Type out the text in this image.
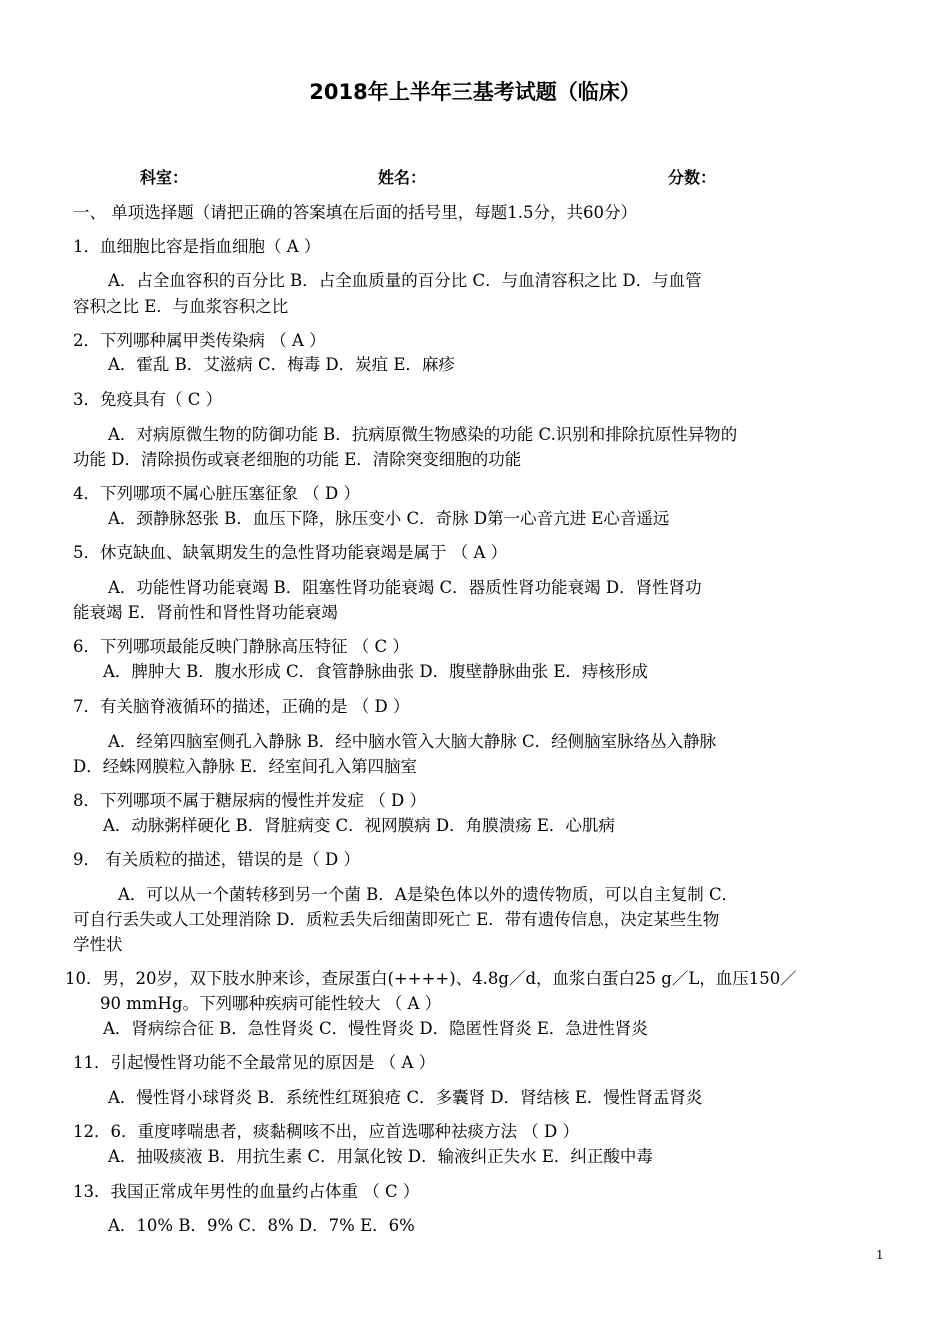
2018年上半年三基考试题（临床）
科室：	姓名：	分数：
一、 单项选择题（请把正确的答案填在后面的括号里，每题1.5分，共60分）
1．血细胞比容是指血细胞（ A ）
A．占全血容积的百分比 B．占全血质量的百分比 C．与血清容积之比 D．与血管
容积之比 E．与血浆容积之比
2．下列哪种属甲类传染病 （ A ）
A．霍乱 B．艾滋病 C．梅毒 D．炭疽 E．麻疹
3．免疫具有（ C ）
A．对病原微生物的防御功能 B．抗病原微生物感染的功能 C.识别和排除抗原性异物的
功能 D．清除损伤或衰老细胞的功能 E．清除突变细胞的功能
4．下列哪项不属心脏压塞征象 （ D ）
A．颈静脉怒张 B．血压下降，脉压变小 C．奇脉 D第一心音亢进 E心音遥远
5．休克缺血、缺氧期发生的急性肾功能衰竭是属于 （ A ）
A．功能性肾功能衰竭 B．阻塞性肾功能衰竭 C．器质性肾功能衰竭 D．肾性肾功
能衰竭 E．肾前性和肾性肾功能衰竭
6．下列哪项最能反映门静脉高压特征 （ C ）
A．脾肿大 B．腹水形成 C．食管静脉曲张 D．腹壁静脉曲张 E．痔核形成
7．有关脑脊液循环的描述，正确的是 （ D ）
A．经第四脑室侧孔入静脉 B．经中脑水管入大脑大静脉 C．经侧脑室脉络丛入静脉
D．经蛛网膜粒入静脉 E．经室间孔入第四脑室
8．下列哪项不属于糖尿病的慢性并发症 （ D ）
A．动脉粥样硬化 B．肾脏病变 C．视网膜病 D．角膜溃疡 E．心肌病
9． 有关质粒的描述，错误的是（ D ）
A．可以从一个菌转移到另一个菌 B．A是染色体以外的遗传物质，可以自主复制 C．
可自行丢失或人工处理消除 D．质粒丢失后细菌即死亡 E．带有遗传信息，决定某些生物
学性状
10．男，20岁，双下肢水肿来诊，查尿蛋白(++++)、4.8g／d，血浆白蛋白25 g／L，血压150／
90 mmHg。下列哪种疾病可能性较大 （ A ）
A．肾病综合征 B．急性肾炎 C．慢性肾炎 D．隐匿性肾炎 E．急进性肾炎
11．引起慢性肾功能不全最常见的原因是 （ A ）
A．慢性肾小球肾炎 B．系统性红斑狼疮 C．多囊肾 D．肾结核 E．慢性肾盂肾炎
12．6．重度哮喘患者，痰黏稠咳不出，应首选哪种祛痰方法 （ D ）
A．抽吸痰液 B．用抗生素 C．用氯化铵 D．输液纠正失水 E．纠正酸中毒
13．我国正常成年男性的血量约占体重 （ C ）
A．10% B．9% C．8% D．7% E．6%
1
